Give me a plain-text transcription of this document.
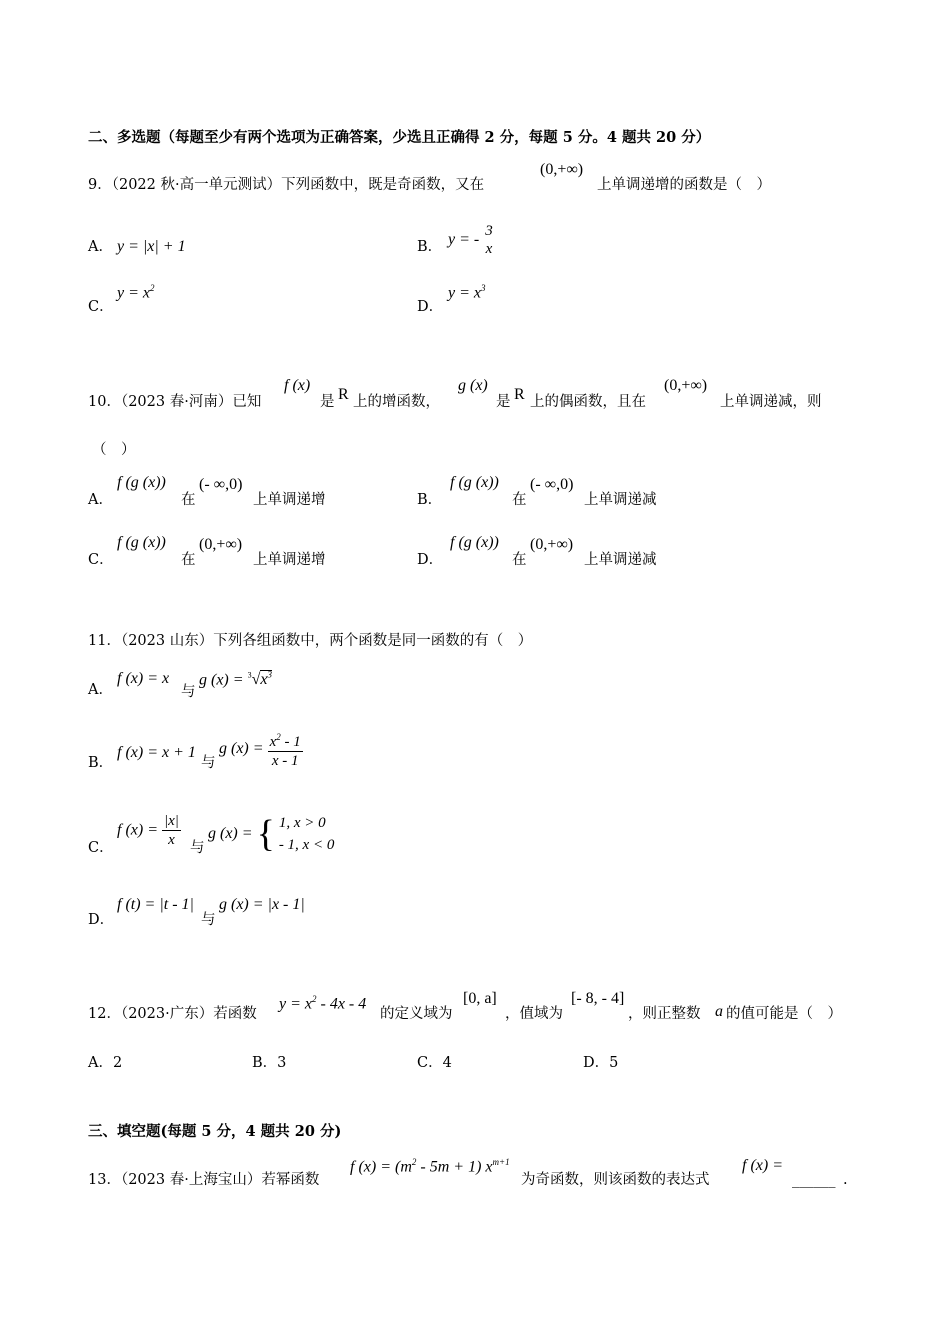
二、多选题（每题至少有两个选项为正确答案，少选且正确得 2 分，每题 5 分。4 题共 20 分）
9．（2022 秋·高一单元测试）下列函数中，既是奇函数，又在
(0,+∞)
上单调递增的函数是（　）
A． y = |x| + 1	B． y = - 3
x
C．
$y = x^2$
D．
$y = x^3$
10．（2023 春·河南）已知
f (x)
是 R 上的增函数，
g (x)
是 R 上的偶函数，且在
(0,+∞)
上单调递减，则
（　）
A．
f (g (x))
在
(- ∞,0)
上单调递增	B．
f (g (x))
在
(- ∞,0)
上单调递减
C．
f (g (x))
在
(0,+∞)
上单调递增	D．
f (g (x))
在
(0,+∞)
上单调递减
11．（2023 山东）下列各组函数中，两个函数是同一函数的有（　）
A．
f (x) = x
与
g $(x) = ^3√x^3$
B．
f (x) = x + 1
与
g $(x) = \frac{x^2 - 1}{x - 1}$
C．
f $(x) = \frac{|x|}{x}$ 与
g (x) = { 1, x > 0
- 1, x < 0
D．
f (t) = |t - 1|
与
g (x) = |x - 1|
12．（2023·广东）若函数
$y = x^2 - 4x - 4$
的定义域为
[0, a]
，值域为
[- 8, - 4]
，则正整数 a 的值可能是（　）
A．2	B．3	C．4	D．5
三、填空题(每题 5 分，4 题共 20 分)
13．（2023 春·上海宝山）若幂函数
f $(x) = (m^2 - 5m + 1)$ $x^{m+1}$
为奇函数，则该函数的表达式
f (x) =
______ .
